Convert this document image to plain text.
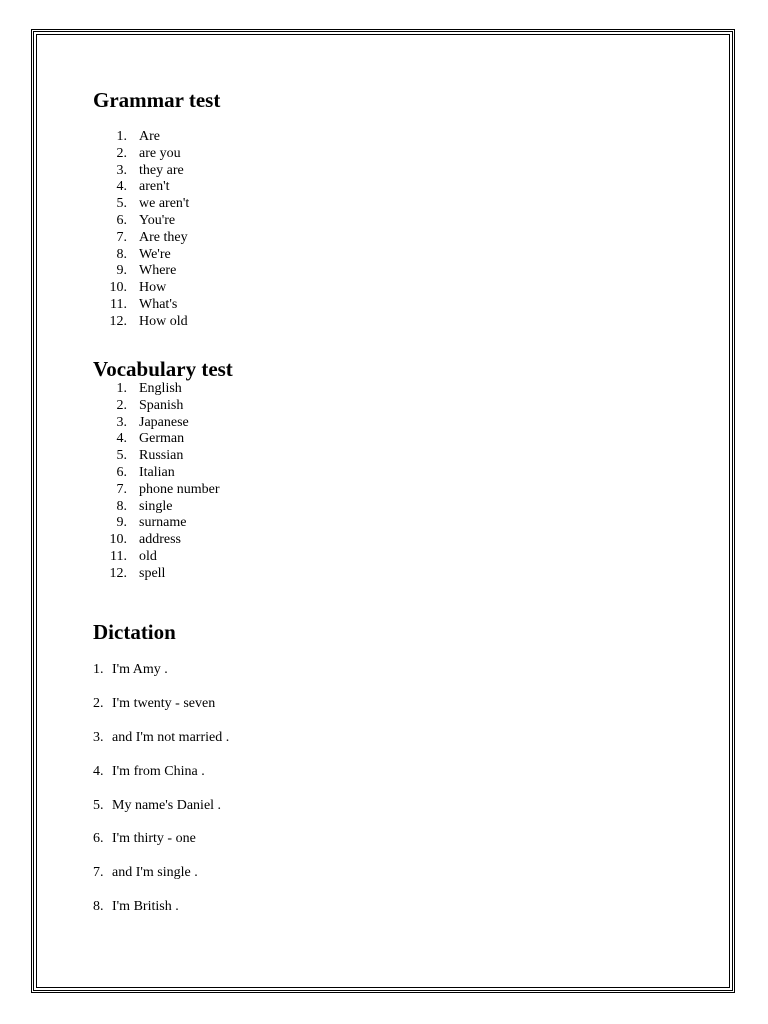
Grammar test
1. Are
2. are you
3. they are
4. aren't
5. we aren't
6. You're
7. Are they
8. We're
9. Where
10. How
11. What's
12. How old
Vocabulary test
1. English
2. Spanish
3. Japanese
4. German
5. Russian
6. Italian
7. phone number
8. single
9. surname
10. address
11. old
12. spell
Dictation
1. I'm Amy .
2. I'm twenty - seven
3. and I'm not married .
4. I'm from China .
5. My name's Daniel .
6. I'm thirty - one
7. and I'm single .
8. I'm British .
